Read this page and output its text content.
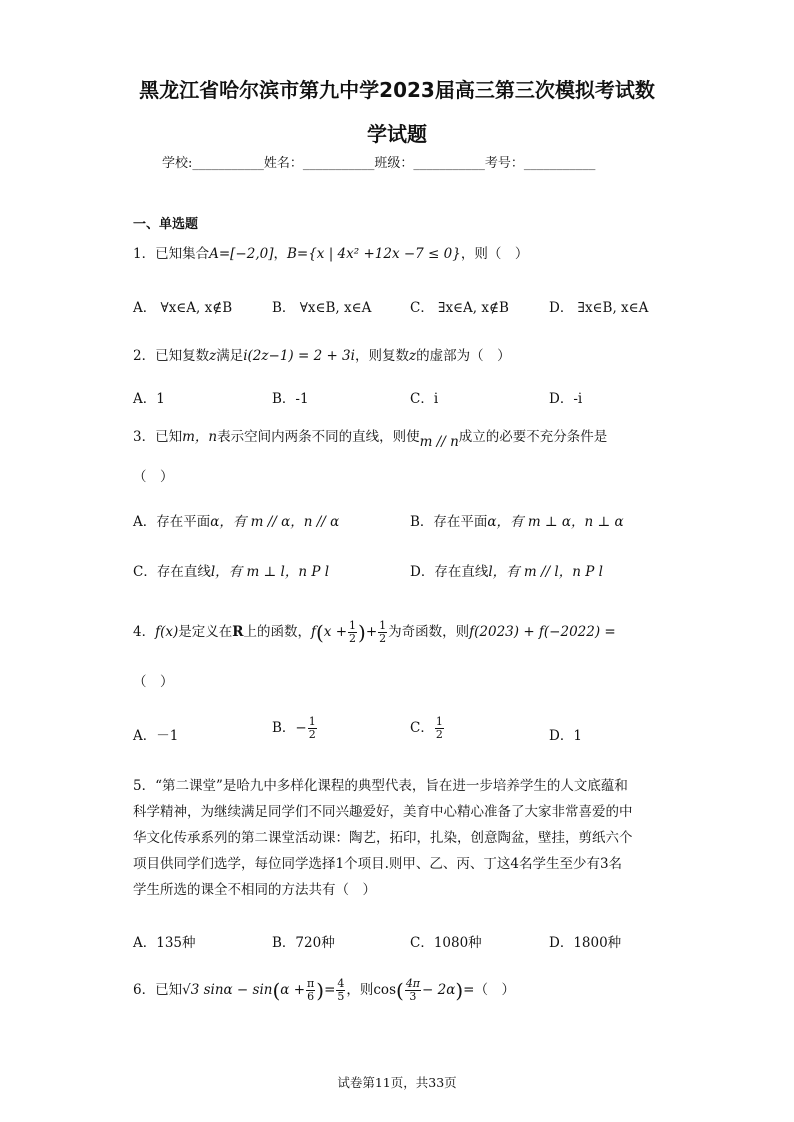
黑龙江省哈尔滨市第九中学2023届高三第三次模拟考试数
学试题
学校:___________姓名：___________班级：___________考号：___________
一、单选题
1．已知集合A=[−2,0]，B={x | 4x² +12x −7 ≤ 0}，则（　）
A． ∀x∈A, x∉B	B． ∀x∈B, x∈A	C． ∃x∈A, x∉B	D． ∃x∈B, x∈A
2．已知复数z满足i(2z−1) = 2 + 3i，则复数z的虚部为（　）
A．1	B．-1	C．i	D．-i
3．已知m，n表示空间内两条不同的直线，则使m // n成立的必要不充分条件是
（　）
A．存在平面α，有 m // α，n // α	B．存在平面α，有 m ⊥ α，n ⊥ α
C．存在直线l，有 m ⊥ l，n P l	D．存在直线l，有 m // l，n P l
4．f(x)是定义在R上的函数，$f(x + \frac{1}{2}$ )+ $\frac{1}{2}$ 为奇函数，则f(2023) + f(−2022) =
（　）
A．－1	B．− $\frac{1}{2}$	C． $\frac{1}{2}$	D．1
5．“第二课堂”是哈九中多样化课程的典型代表，旨在进一步培养学生的人文底蕴和
科学精神，为继续满足同学们不同兴趣爱好，美育中心精心准备了大家非常喜爱的中
华文化传承系列的第二课堂活动课：陶艺，拓印，扎染，创意陶盆，壁挂，剪纸六个
项目供同学们选学，每位同学选择1个项目.则甲、乙、丙、丁这4名学生至少有3名
学生所选的课全不相同的方法共有（　）
A．135种	B．720种	C．1080种	D．1800种
6．已知√3 $\sin\alpha - \sin(\alpha + \frac{\pi}{6}$ )= $\frac{4}{5}$ ，则$\cos( \frac{4\pi}{3} - 2\alpha)=$（　）
试卷第11页，共33页
